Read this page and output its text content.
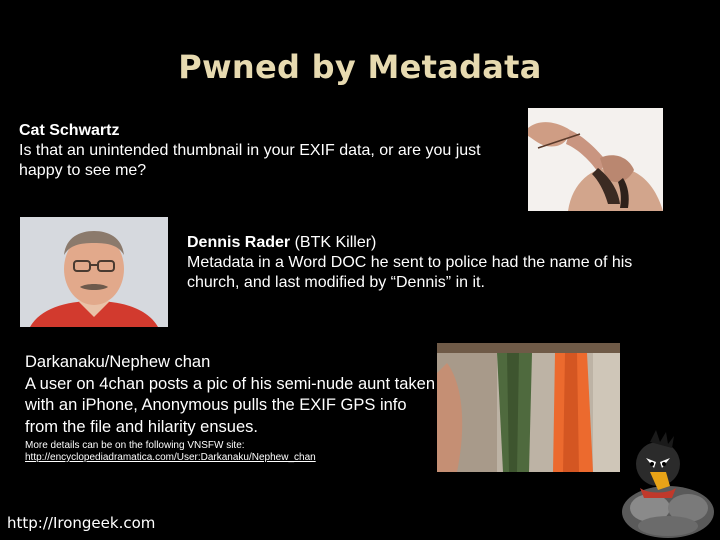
Pwned by Metadata
Cat Schwartz
Is that an unintended thumbnail in your EXIF data, or are you just happy to see me?
Dennis Rader (BTK Killer)
Metadata in a Word DOC he sent to police had the name of his church, and last modified by “Dennis” in it.
Darkanaku/Nephew chan
A user on 4chan posts a pic of his semi-nude aunt taken with an iPhone, Anonymous pulls the EXIF GPS info from the file and hilarity ensues.
More details can be on the following VNSFW site:
http://encyclopediadramatica.com/User:Darkanaku/Nephew_chan
http://Irongeek.com
